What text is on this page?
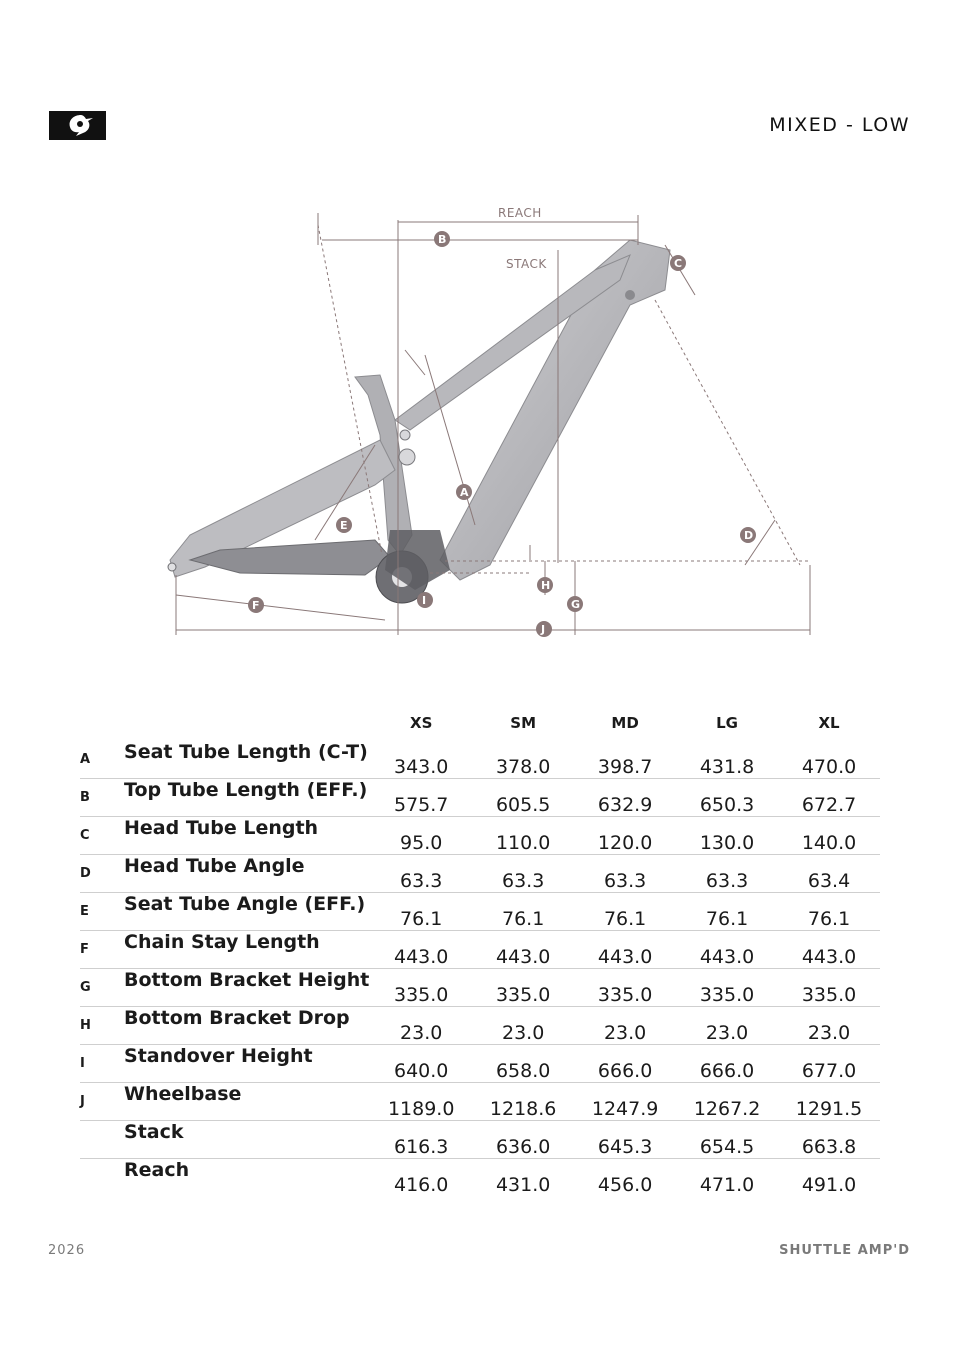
MIXED - LOW
REACH
STACK
B
C
A
D
E
F	G
H
I
J
		XS	SM	MD	LG	XL
A	Seat Tube Length (C-T)	343.0	378.0	398.7	431.8	470.0
B	Top Tube Length (EFF.)	575.7	605.5	632.9	650.3	672.7
C	Head Tube Length	95.0	110.0	120.0	130.0	140.0
D	Head Tube Angle	63.3	63.3	63.3	63.3	63.4
E	Seat Tube Angle (EFF.)	76.1	76.1	76.1	76.1	76.1
F	Chain Stay Length	443.0	443.0	443.0	443.0	443.0
G	Bottom Bracket Height	335.0	335.0	335.0	335.0	335.0
H	Bottom Bracket Drop	23.0	23.0	23.0	23.0	23.0
I	Standover Height	640.0	658.0	666.0	666.0	677.0
J	Wheelbase	1189.0	1218.6	1247.9	1267.2	1291.5
	Stack	616.3	636.0	645.3	654.5	663.8
	Reach	416.0	431.0	456.0	471.0	491.0
2026	SHUTTLE AMP'D
